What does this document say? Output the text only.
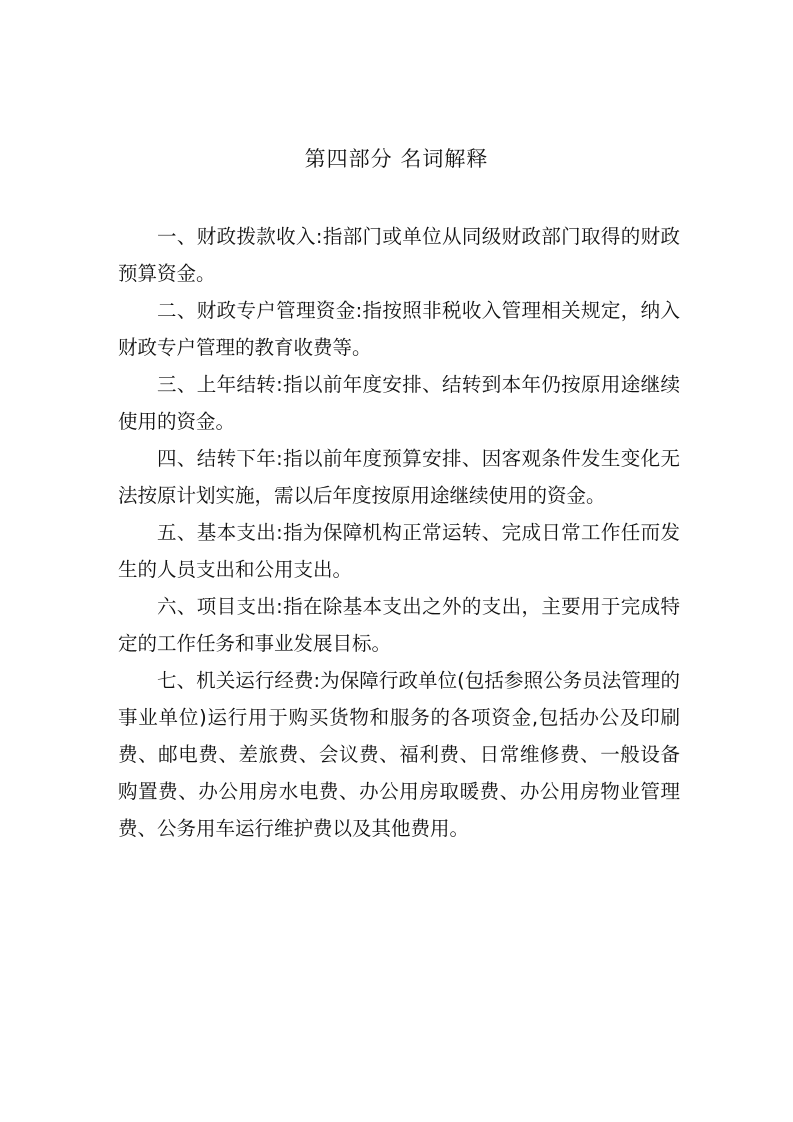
第四部分 名词解释

一、财政拨款收入:指部门或单位从同级财政部门取得的财政预算资金。

二、财政专户管理资金:指按照非税收入管理相关规定，纳入财政专户管理的教育收费等。

三、上年结转:指以前年度安排、结转到本年仍按原用途继续使用的资金。

四、结转下年:指以前年度预算安排、因客观条件发生变化无法按原计划实施，需以后年度按原用途继续使用的资金。

五、基本支出:指为保障机构正常运转、完成日常工作任而发生的人员支出和公用支出。

六、项目支出:指在除基本支出之外的支出，主要用于完成特定的工作任务和事业发展目标。

七、机关运行经费:为保障行政单位(包括参照公务员法管理的事业单位)运行用于购买货物和服务的各项资金,包括办公及印刷费、邮电费、差旅费、会议费、福利费、日常维修费、一般设备购置费、办公用房水电费、办公用房取暖费、办公用房物业管理费、公务用车运行维护费以及其他费用。
